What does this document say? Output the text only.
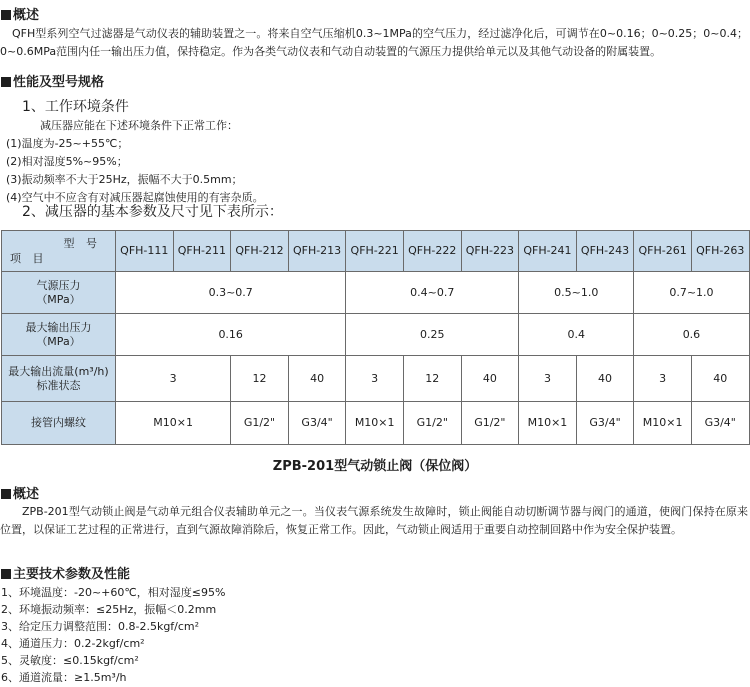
概述
QFH型系列空气过滤器是气动仪表的辅助装置之一。将来自空气压缩机0.3~1MPa的空气压力，经过滤净化后，可调节在0~0.16；0~0.25；0~0.4；0~0.6MPa范围内任一输出压力值，保持稳定。作为各类气动仪表和气动自动装置的气源压力提供给单元以及其他气动设备的附属装置。
性能及型号规格
1、工作环境条件
减压器应能在下述环境条件下正常工作：
(1)温度为-25~+55℃；
(2)相对湿度5%~95%；
(3)振动频率不大于25Hz，振幅不大于0.5mm；
(4)空气中不应含有对减压器起腐蚀使用的有害杂质。
2、减压器的基本参数及尺寸见下表所示：
型 号
项 目	QFH-111	QFH-211	QFH-212	QFH-213	QFH-221	QFH-222	QFH-223	QFH-241	QFH-243	QFH-261	QFH-263
气源压力
（MPa）	0.3~0.7				0.4~0.7			0.5~1.0		0.7~1.0	
最大输出压力
（MPa）	0.16				0.25			0.4		0.6	
最大输出流量(m³/h)
标准状态	3		12	40	3	12	40	3	40	3	40
接管内螺纹	M10×1		G1/2"	G3/4"	M10×1	G1/2"	G1/2"	M10×1	G3/4"	M10×1	G3/4"
ZPB-201型气动锁止阀（保位阀）
概述
ZPB-201型气动锁止阀是气动单元组合仪表辅助单元之一。当仪表气源系统发生故障时，锁止阀能自动切断调节器与阀门的通道，使阀门保持在原来位置，以保证工艺过程的正常进行，直到气源故障消除后，恢复正常工作。因此，气动锁止阀适用于重要自动控制回路中作为安全保护装置。
主要技术参数及性能
1、环境温度：-20~+60℃，相对湿度≤95%
2、环境振动频率：≤25Hz，振幅＜0.2mm
3、给定压力调整范围：0.8-2.5kgf/cm²
4、通道压力：0.2-2kgf/cm²
5、灵敏度：≤0.15kgf/cm²
6、通道流量：≥1.5m³/h
